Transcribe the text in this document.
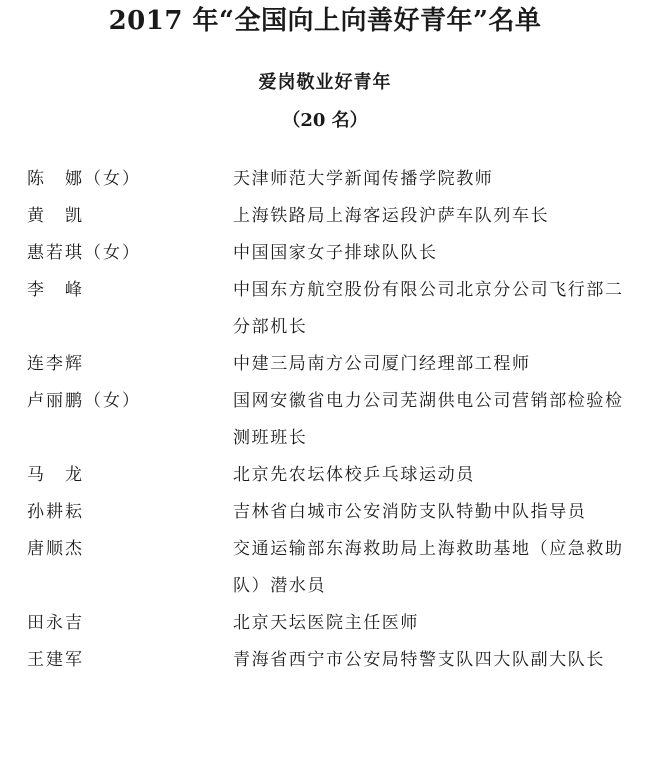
2017 年“全国向上向善好青年”名单
爱岗敬业好青年
（20 名）
陈　娜（女）	天津师范大学新闻传播学院教师
黄　凯	上海铁路局上海客运段沪萨车队列车长
惠若琪（女）	中国国家女子排球队队长
李　峰	中国东方航空股份有限公司北京分公司飞行部二分部机长
连李辉	中建三局南方公司厦门经理部工程师
卢丽鹏（女）	国网安徽省电力公司芜湖供电公司营销部检验检测班班长
马　龙	北京先农坛体校乒乓球运动员
孙耕耘	吉林省白城市公安消防支队特勤中队指导员
唐顺杰	交通运输部东海救助局上海救助基地（应急救助队）潜水员
田永吉	北京天坛医院主任医师
王建军	青海省西宁市公安局特警支队四大队副大队长
